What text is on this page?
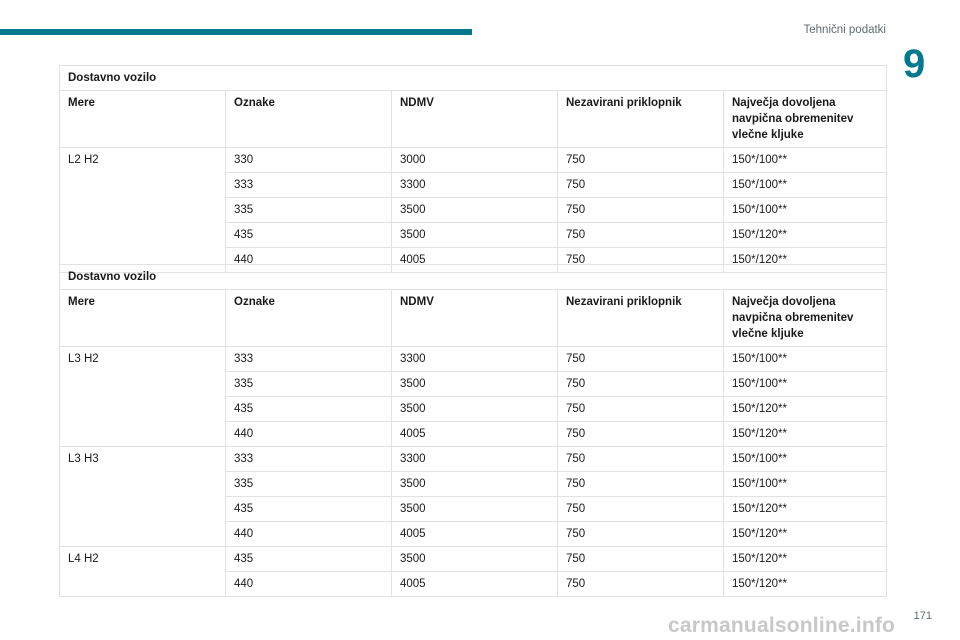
Tehnični podatki
9
Dostavno vozilo				
Mere	Oznake	NDMV	Nezavirani priklopnik	Največja dovoljena navpična obremenitev vlečne kljuke
L2 H2	330	3000	750	150*/100**
	333	3300	750	150*/100**
	335	3500	750	150*/100**
	435	3500	750	150*/120**
	440	4005	750	150*/120**
Dostavno vozilo				
Mere	Oznake	NDMV	Nezavirani priklopnik	Največja dovoljena navpična obremenitev vlečne kljuke
L3 H2	333	3300	750	150*/100**
	335	3500	750	150*/100**
	435	3500	750	150*/120**
	440	4005	750	150*/120**
L3 H3	333	3300	750	150*/100**
	335	3500	750	150*/100**
	435	3500	750	150*/120**
	440	4005	750	150*/120**
L4 H2	435	3500	750	150*/120**
	440	4005	750	150*/120**
171
carmanualsonline.info
